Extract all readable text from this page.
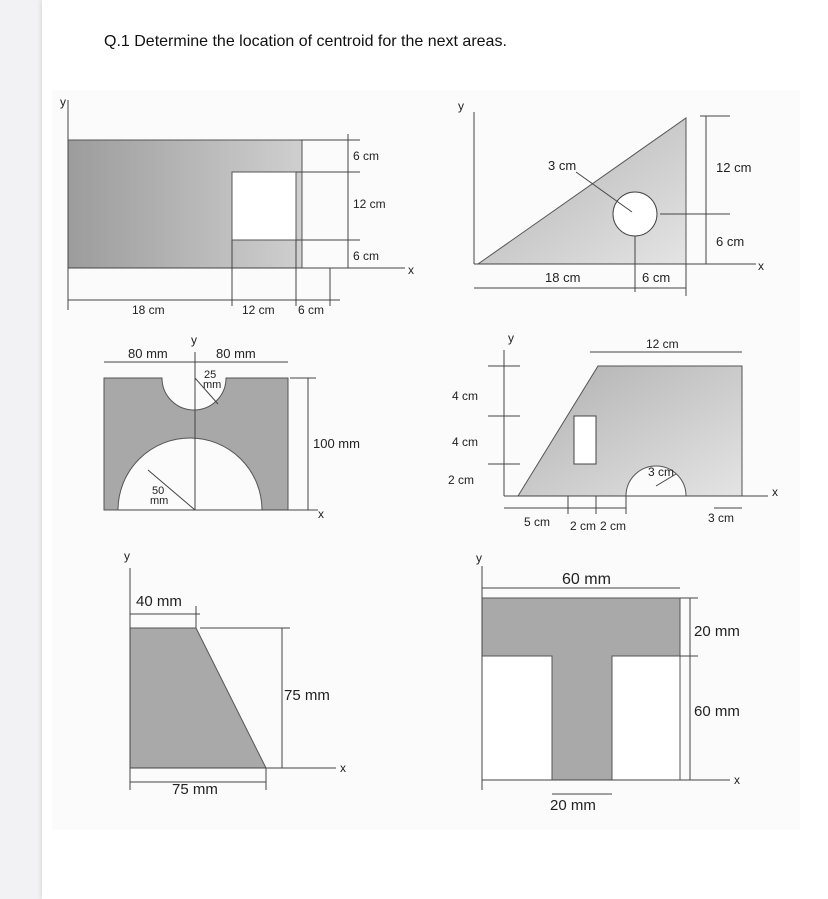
Q.1 Determine the location of centroid for the next areas.
y
x
6 cm
12 cm
6 cm
18 cm	12 cm 6 cm
y
x
3 cm	12 cm
6 cm
18 cm	6 cm
80 mm
y
80 mm
25
mm
50
mm
100 mm
x
y	12 cm
4 cm
4 cm
2 cm
3 cm
x
5 cm 2 cm 2 cm
3 cm
y
40 mm
75 mm
x
75 mm
y
60 mm
20 mm
60 mm
x
20 mm
